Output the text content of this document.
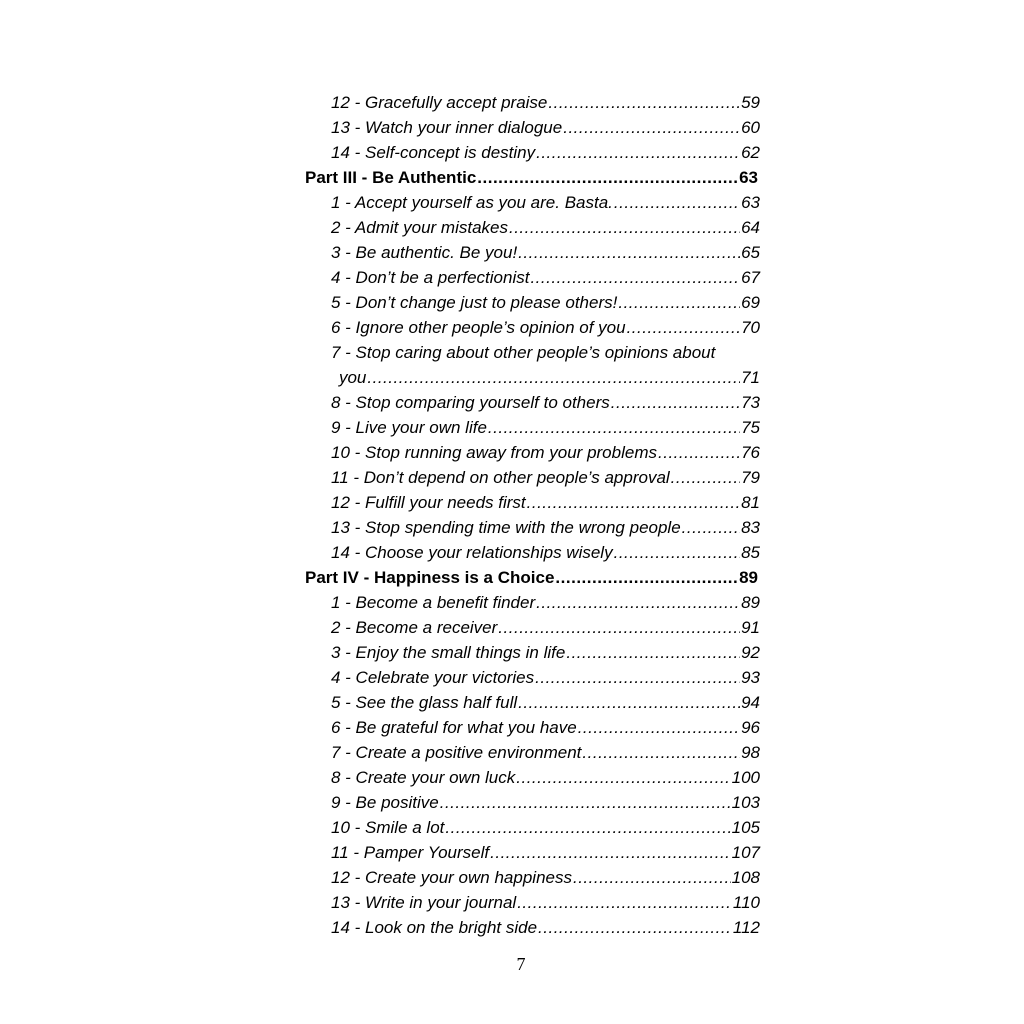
12 - Gracefully accept praise .....	59
13 - Watch your inner dialogue .....	60
14 - Self-concept is destiny .....	62
Part III - Be Authentic .....	63
1 - Accept yourself as you are. Basta. .....	63
2 - Admit your mistakes .....	64
3 - Be authentic. Be you! .....	65
4 - Don’t be a perfectionist .....	67
5 - Don’t change just to please others! .....	69
6 - Ignore other people’s opinion of you .....	70
7 - Stop caring about other people’s opinions about
you .....	71
8 - Stop comparing yourself to others .....	73
9 - Live your own life .....	75
10 - Stop running away from your problems .....	76
11 - Don’t depend on other people’s approval .....	79
12 - Fulfill your needs first .....	81
13 - Stop spending time with the wrong people .....	83
14 - Choose your relationships wisely .....	85
Part IV - Happiness is a Choice .....	89
1 - Become a benefit finder .....	89
2 - Become a receiver .....	91
3 - Enjoy the small things in life .....	92
4 - Celebrate your victories .....	93
5 - See the glass half full .....	94
6 - Be grateful for what you have .....	96
7 - Create a positive environment .....	98
8 - Create your own luck .....	100
9 - Be positive .....	103
10 - Smile a lot .....	105
11 - Pamper Yourself .....	107
12 - Create your own happiness .....	108
13 - Write in your journal .....	110
14 - Look on the bright side .....	112
7
